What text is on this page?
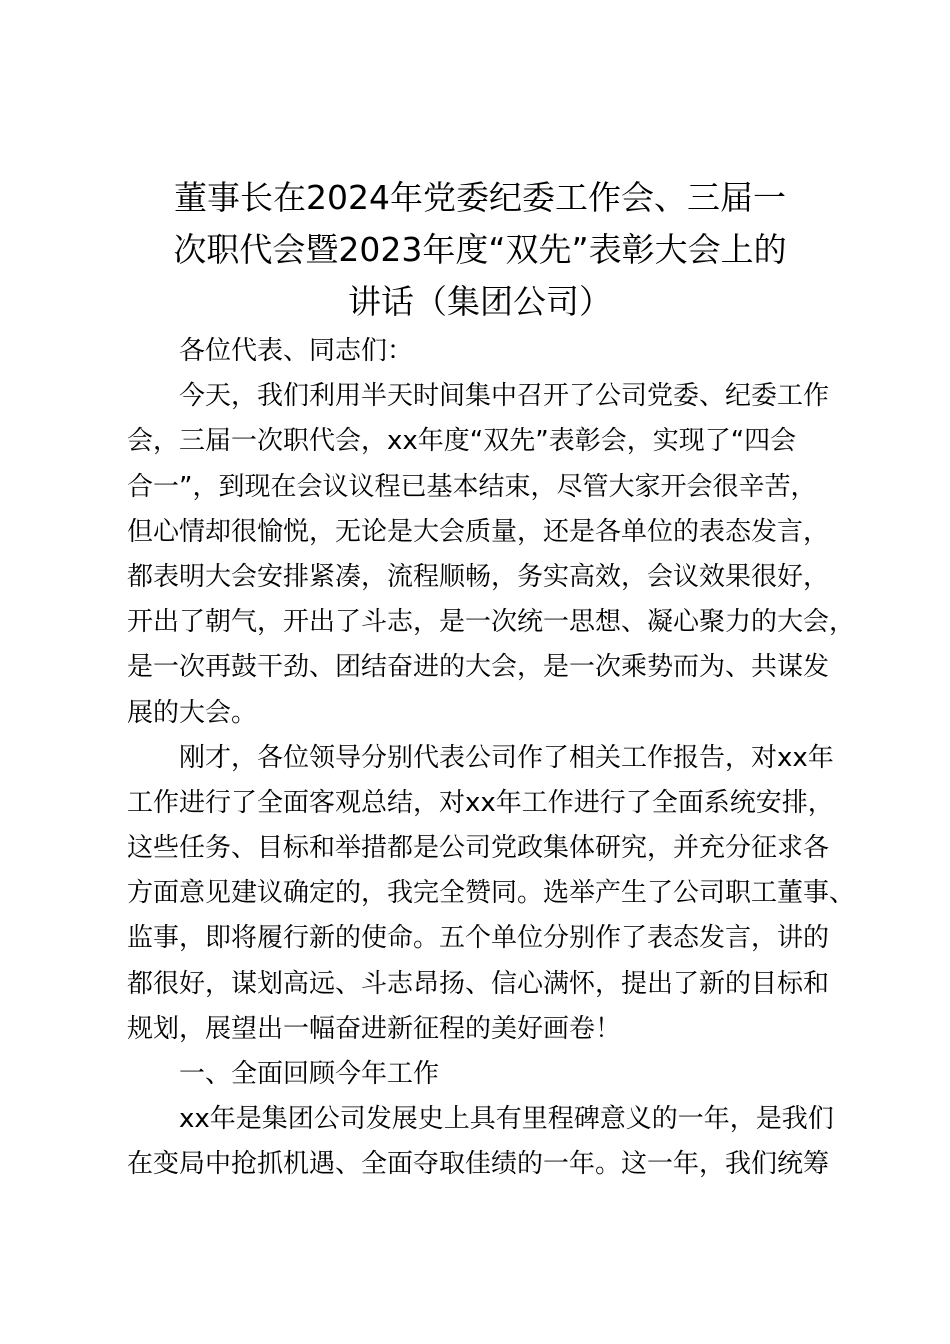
董事长在2024年党委纪委工作会、三届一
次职代会暨2023年度“双先”表彰大会上的
讲话（集团公司）
各位代表、同志们：
今天，我们利用半天时间集中召开了公司党委、纪委工作
会，三届一次职代会，xx年度“双先”表彰会，实现了“四会
合一”，到现在会议议程已基本结束，尽管大家开会很辛苦，
但心情却很愉悦，无论是大会质量，还是各单位的表态发言，
都表明大会安排紧凑，流程顺畅，务实高效，会议效果很好，
开出了朝气，开出了斗志，是一次统一思想、凝心聚力的大会，
是一次再鼓干劲、团结奋进的大会，是一次乘势而为、共谋发
展的大会。
刚才，各位领导分别代表公司作了相关工作报告，对xx年
工作进行了全面客观总结，对xx年工作进行了全面系统安排，
这些任务、目标和举措都是公司党政集体研究，并充分征求各
方面意见建议确定的，我完全赞同。选举产生了公司职工董事、
监事，即将履行新的使命。五个单位分别作了表态发言，讲的
都很好，谋划高远、斗志昂扬、信心满怀，提出了新的目标和
规划，展望出一幅奋进新征程的美好画卷！
一、全面回顾今年工作
xx年是集团公司发展史上具有里程碑意义的一年，是我们
在变局中抢抓机遇、全面夺取佳绩的一年。这一年，我们统筹
